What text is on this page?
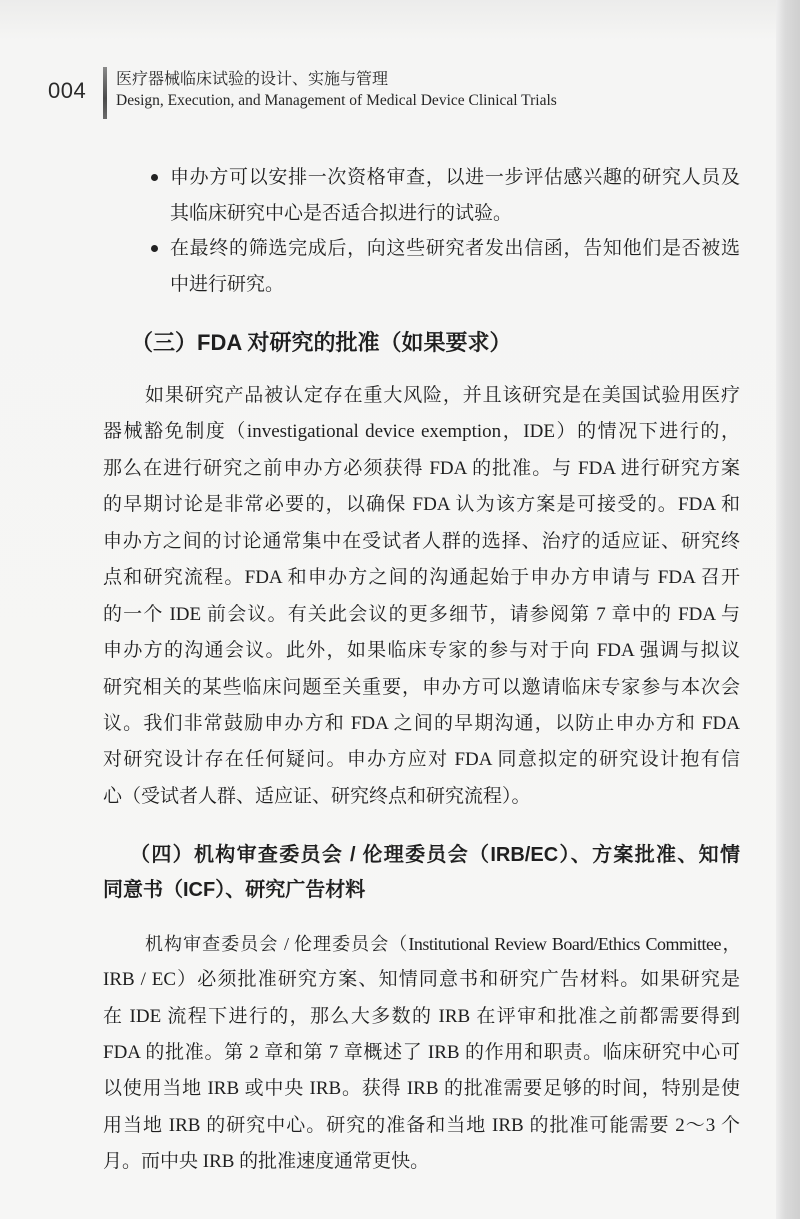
004 医疗器械临床试验的设计、实施与管理
Design, Execution, and Management of Medical Device Clinical Trials
申办方可以安排一次资格审查，以进一步评估感兴趣的研究人员及
其临床研究中心是否适合拟进行的试验。
在最终的筛选完成后，向这些研究者发出信函，告知他们是否被选
中进行研究。
（三）FDA 对研究的批准（如果要求）
如果研究产品被认定存在重大风险，并且该研究是在美国试验用医疗
器械豁免制度（investigational device exemption，IDE）的情况下进行的，
那么在进行研究之前申办方必须获得 FDA 的批准。与 FDA 进行研究方案
的早期讨论是非常必要的，以确保 FDA 认为该方案是可接受的。FDA 和
申办方之间的讨论通常集中在受试者人群的选择、治疗的适应证、研究终
点和研究流程。FDA 和申办方之间的沟通起始于申办方申请与 FDA 召开
的一个 IDE 前会议。有关此会议的更多细节，请参阅第 7 章中的 FDA 与
申办方的沟通会议。此外，如果临床专家的参与对于向 FDA 强调与拟议
研究相关的某些临床问题至关重要，申办方可以邀请临床专家参与本次会
议。我们非常鼓励申办方和 FDA 之间的早期沟通，以防止申办方和 FDA
对研究设计存在任何疑问。申办方应对 FDA 同意拟定的研究设计抱有信
心（受试者人群、适应证、研究终点和研究流程）。
（四）机构审查委员会 / 伦理委员会（IRB/EC）、方案批准、知情
同意书（ICF）、研究广告材料
机构审查委员会 / 伦理委员会（Institutional Review Board/Ethics Committee，
IRB / EC）必须批准研究方案、知情同意书和研究广告材料。如果研究是
在 IDE 流程下进行的，那么大多数的 IRB 在评审和批准之前都需要得到
FDA 的批准。第 2 章和第 7 章概述了 IRB 的作用和职责。临床研究中心可
以使用当地 IRB 或中央 IRB。获得 IRB 的批准需要足够的时间，特别是使
用当地 IRB 的研究中心。研究的准备和当地 IRB 的批准可能需要 2～3 个
月。而中央 IRB 的批准速度通常更快。
